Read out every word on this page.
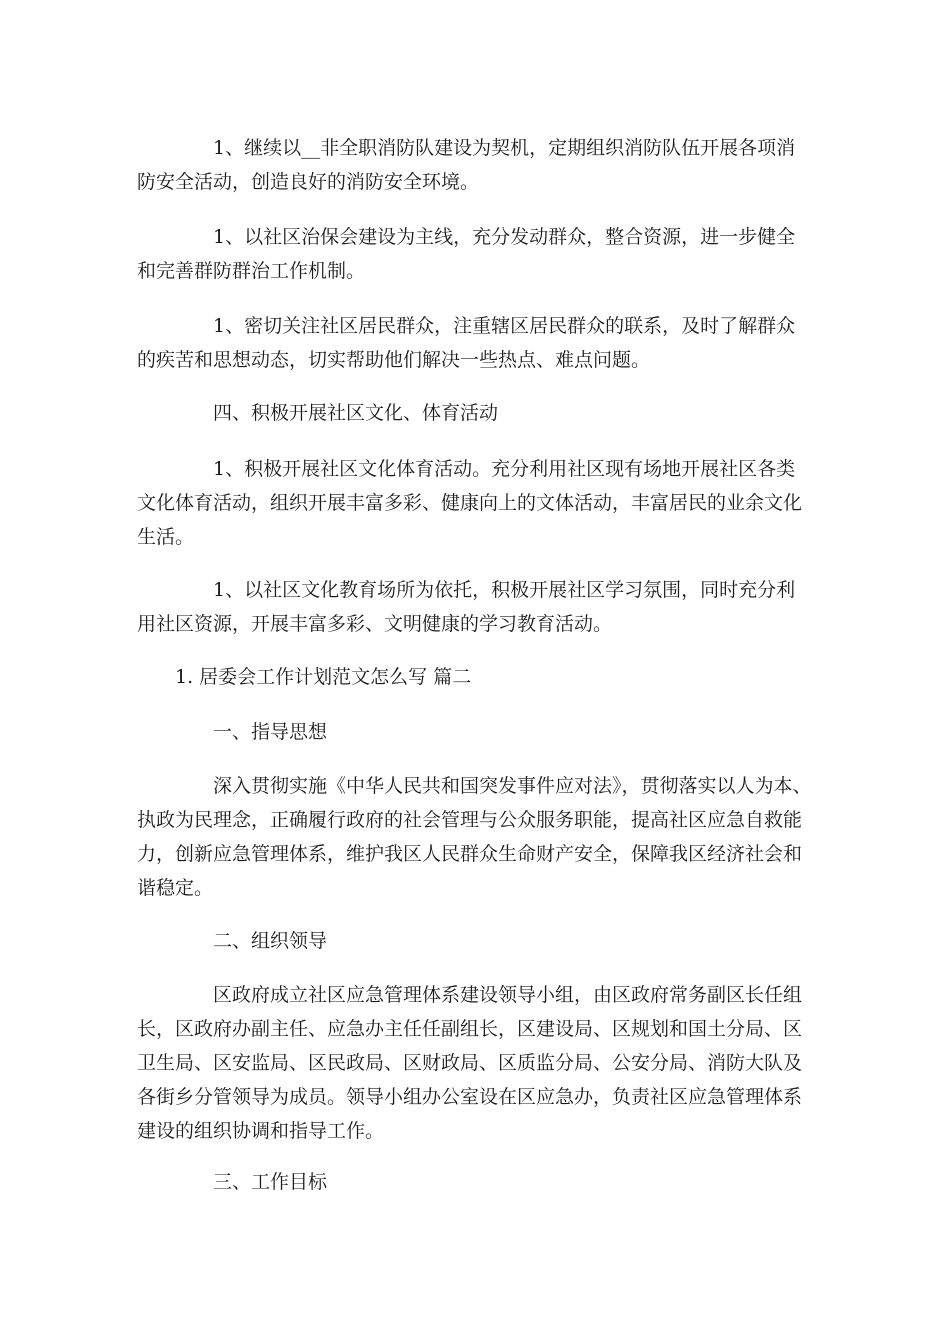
1、继续以__非全职消防队建设为契机，定期组织消防队伍开展各项消
防安全活动，创造良好的消防安全环境。
1、以社区治保会建设为主线，充分发动群众，整合资源，进一步健全
和完善群防群治工作机制。
1、密切关注社区居民群众，注重辖区居民群众的联系，及时了解群众
的疾苦和思想动态，切实帮助他们解决一些热点、难点问题。
四、积极开展社区文化、体育活动
1、积极开展社区文化体育活动。充分利用社区现有场地开展社区各类
文化体育活动，组织开展丰富多彩、健康向上的文体活动，丰富居民的业余文化
生活。
1、以社区文化教育场所为依托，积极开展社区学习氛围，同时充分利
用社区资源，开展丰富多彩、文明健康的学习教育活动。
1. 居委会工作计划范文怎么写 篇二
一、指导思想
深入贯彻实施《中华人民共和国突发事件应对法》，贯彻落实以人为本、
执政为民理念，正确履行政府的社会管理与公众服务职能，提高社区应急自救能
力，创新应急管理体系，维护我区人民群众生命财产安全，保障我区经济社会和
谐稳定。
二、组织领导
区政府成立社区应急管理体系建设领导小组，由区政府常务副区长任组
长，区政府办副主任、应急办主任任副组长，区建设局、区规划和国土分局、区
卫生局、区安监局、区民政局、区财政局、区质监分局、公安分局、消防大队及
各街乡分管领导为成员。领导小组办公室设在区应急办，负责社区应急管理体系
建设的组织协调和指导工作。
三、工作目标
